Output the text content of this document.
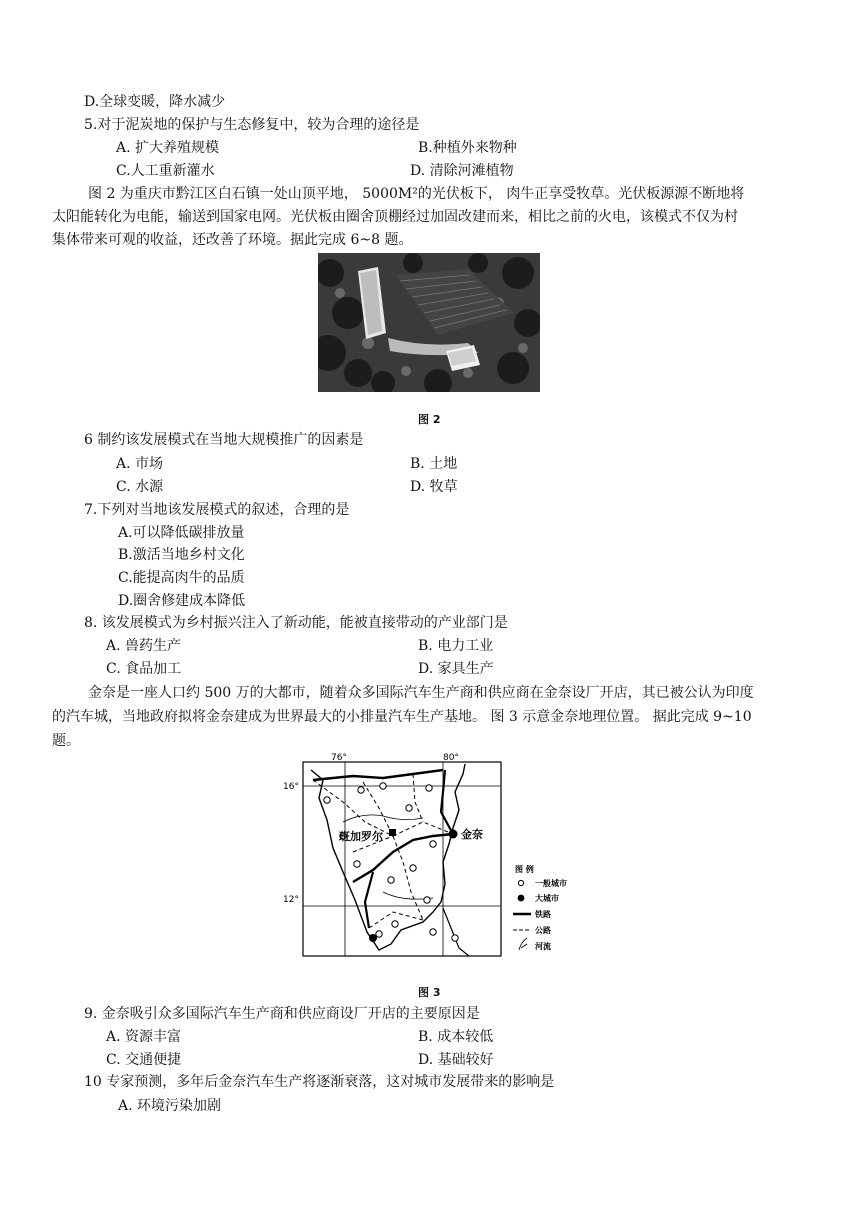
D.全球变暖，降水减少
5.对于泥炭地的保护与生态修复中，较为合理的途径是
A. 扩大养殖规模	B.种植外来物种
C.人工重新灌水	D. 清除河滩植物
图 2 为重庆市黔江区白石镇一处山顶平地， 5000M²的光伏板下， 肉牛正享受牧草。光伏板源源不断地将
太阳能转化为电能，输送到国家电网。光伏板由圈舍顶棚经过加固改建而来，相比之前的火电，该模式不仅为村
集体带来可观的收益，还改善了环境。据此完成 6~8 题。
图 2
6 制约该发展模式在当地大规模推广的因素是
A. 市场	B. 土地
C. 水源	D. 牧草
7.下列对当地该发展模式的叙述，合理的是
A.可以降低碳排放量
B.激活当地乡村文化
C.能提高肉牛的品质
D.圈舍修建成本降低
8. 该发展模式为乡村振兴注入了新动能，能被直接带动的产业部门是
A. 兽药生产	B. 电力工业
C. 食品加工	D. 家具生产
金奈是一座人口约 500 万的大都市，随着众多国际汽车生产商和供应商在金奈设厂开店，其已被公认为印度
的汽车城，当地政府拟将金奈建成为世界最大的小排量汽车生产基地。 图 3 示意金奈地理位置。 据此完成 9~10
题。
76°	80°
16°
12°
班加罗尔	金奈
图 例
一般城市
大城市
铁路
公路
河流
图 3
9. 金奈吸引众多国际汽车生产商和供应商设厂开店的主要原因是
A. 资源丰富	B. 成本较低
C. 交通便捷	D. 基础较好
10 专家预测，多年后金奈汽车生产将逐渐衰落，这对城市发展带来的影响是
A. 环境污染加剧
